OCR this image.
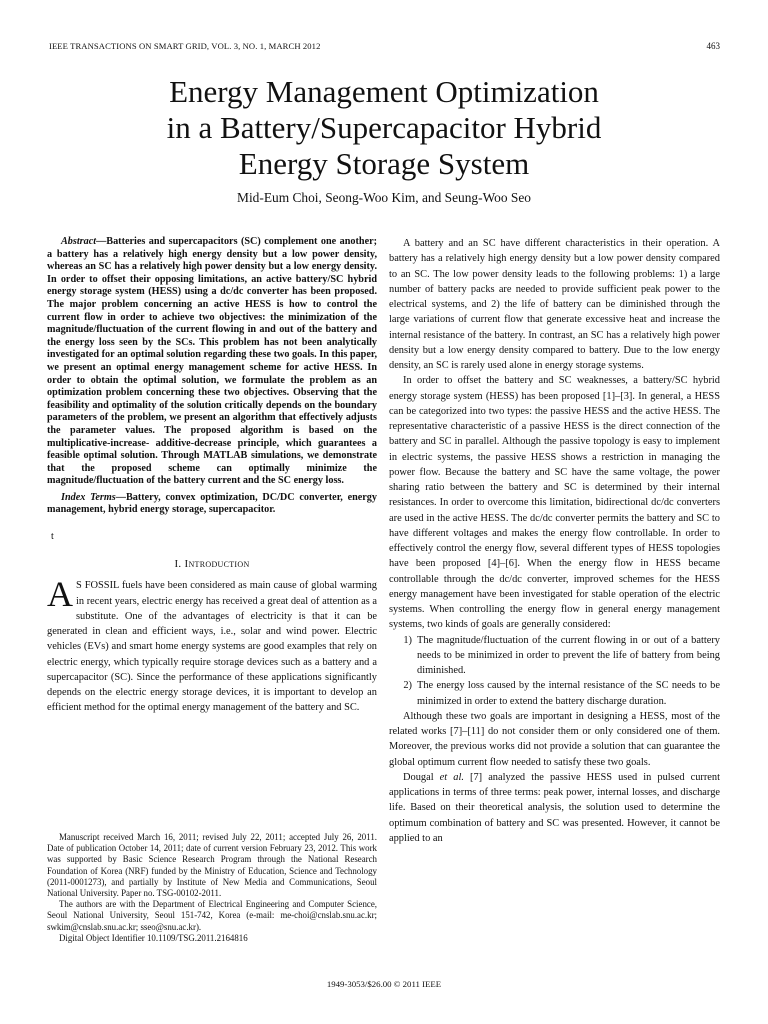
IEEE TRANSACTIONS ON SMART GRID, VOL. 3, NO. 1, MARCH 2012	463
Energy Management Optimization
in a Battery/Supercapacitor Hybrid
Energy Storage System
Mid-Eum Choi, Seong-Woo Kim, and Seung-Woo Seo

Abstract—Batteries and supercapacitors (SC) complement one another; a battery has a relatively high energy density but a low power density, whereas an SC has a relatively high power density but a low energy density. In order to offset their opposing limitations, an active battery/SC hybrid energy storage system (HESS) using a dc/dc converter has been proposed. The major problem concerning an active HESS is how to control the current flow in order to achieve two objectives: the minimization of the magnitude/fluctuation of the current flowing in and out of the battery and the energy loss seen by the SCs. This problem has not been analytically investigated for an optimal solution regarding these two goals. In this paper, we present an optimal energy management scheme for active HESS. In order to obtain the optimal solution, we formulate the problem as an optimization problem concerning these two objectives. Observing that the feasibility and optimality of the solution critically depends on the boundary parameters of the problem, we present an algorithm that effectively adjusts the parameter values. The proposed algorithm is based on the multiplicative-increase- additive-decrease principle, which guarantees a feasible optimal solution. Through MATLAB simulations, we demonstrate that the proposed scheme can optimally minimize the magnitude/fluctuation of the battery current and the SC energy loss.

Index Terms—Battery, convex optimization, DC/DC converter, energy management, hybrid energy storage, supercapacitor.

t
I. Introduction

A S FOSSIL fuels have been considered as main cause of global warming in recent years, electric energy has received a great deal of attention as a substitute. One of the advantages of electricity is that it can be generated in clean and efficient ways, i.e., solar and wind power. Electric vehicles (EVs) and smart home energy systems are good examples that rely on electric energy, which typically require storage devices such as a battery and a supercapacitor (SC). Since the performance of these applications significantly depends on the electric energy storage devices, it is important to develop an efficient method for the optimal energy management of the battery and SC.

Manuscript received March 16, 2011; revised July 22, 2011; accepted July 26, 2011. Date of publication October 14, 2011; date of current version February 23, 2012. This work was supported by Basic Science Research Program through the National Research Foundation of Korea (NRF) funded by the Ministry of Education, Science and Technology (2011-0001273), and partially by Institute of New Media and Communications, Seoul National University. Paper no. TSG-00102-2011.

The authors are with the Department of Electrical Engineering and Computer Science, Seoul National University, Seoul 151-742, Korea (e-mail: me-choi@cnslab.snu.ac.kr; swkim@cnslab.snu.ac.kr; sseo@snu.ac.kr).

Digital Object Identifier 10.1109/TSG.2011.2164816

A battery and an SC have different characteristics in their operation. A battery has a relatively high energy density but a low power density compared to an SC. The low power density leads to the following problems: 1) a large number of battery packs are needed to provide sufficient peak power to the electrical systems, and 2) the life of battery can be diminished through the large variations of current flow that generate excessive heat and increase the internal resistance of the battery. In contrast, an SC has a relatively high power density but a low energy density compared to battery. Due to the low energy density, an SC is rarely used alone in energy storage systems.

In order to offset the battery and SC weaknesses, a battery/SC hybrid energy storage system (HESS) has been proposed [1]–[3]. In general, a HESS can be categorized into two types: the passive HESS and the active HESS. The representative characteristic of a passive HESS is the direct connection of the battery and SC in parallel. Although the passive topology is easy to implement in electric systems, the passive HESS shows a restriction in managing the power flow. Because the battery and SC have the same voltage, the power sharing ratio between the battery and SC is determined by their internal resistances. In order to overcome this limitation, bidirectional dc/dc converters are used in the active HESS. The dc/dc converter permits the battery and SC to have different voltages and makes the energy flow controllable. In order to effectively control the energy flow, several different types of HESS topologies have been proposed [4]–[6]. When the energy flow in HESS became controllable through the dc/dc converter, improved schemes for the HESS energy management have been investigated for stable operation of the electric systems. When controlling the energy flow in general energy management systems, two kinds of goals are generally considered:

1) The magnitude/fluctuation of the current flowing in or out of a battery needs to be minimized in order to prevent the life of battery from being diminished.
2) The energy loss caused by the internal resistance of the SC needs to be minimized in order to extend the battery discharge duration.

Although these two goals are important in designing a HESS, most of the related works [7]–[11] do not consider them or only considered one of them. Moreover, the previous works did not provide a solution that can guarantee the global optimum current flow needed to satisfy these two goals.

Dougal et al. [7] analyzed the passive HESS used in pulsed current applications in terms of three terms: peak power, internal losses, and discharge life. Based on their theoretical analysis, the solution used to determine the optimum combination of battery and SC was presented. However, it cannot be applied to an

1949-3053/$26.00 © 2011 IEEE
